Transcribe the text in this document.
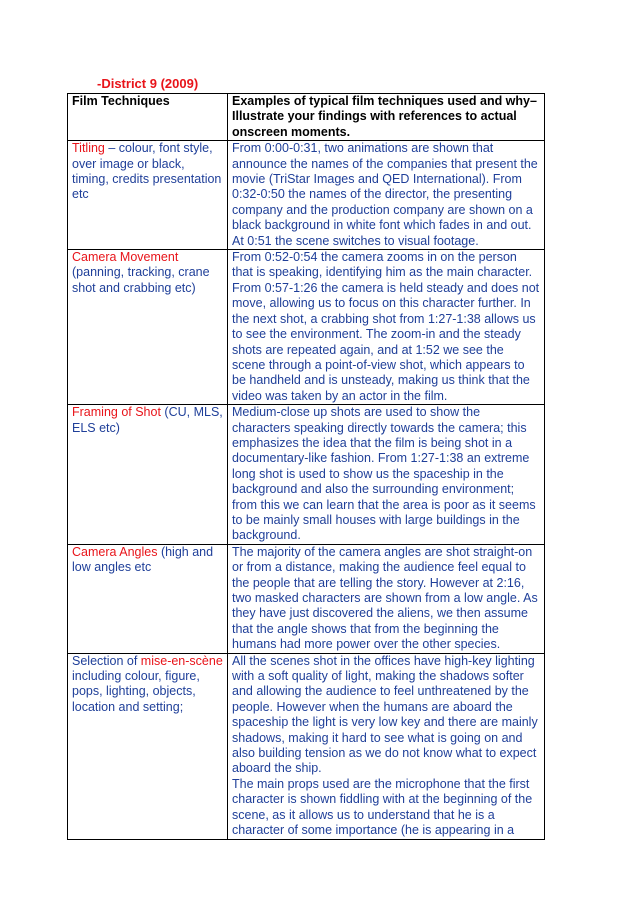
-District 9 (2009)
Film Techniques	Examples of typical film techniques used and why– Illustrate your findings with references to actual onscreen moments.
Titling – colour, font style, over image or black, timing, credits presentation etc	From 0:00-0:31, two animations are shown that announce the names of the companies that present the movie (TriStar Images and QED International). From 0:32-0:50 the names of the director, the presenting company and the production company are shown on a black background in white font which fades in and out. At 0:51 the scene switches to visual footage.

Camera Movement (panning, tracking, crane shot and crabbing etc)	From 0:52-0:54 the camera zooms in on the person that is speaking, identifying him as the main character. From 0:57-1:26 the camera is held steady and does not move, allowing us to focus on this character further. In the next shot, a crabbing shot from 1:27-1:38 allows us to see the environment. The zoom-in and the steady shots are repeated again, and at 1:52 we see the scene through a point-of-view shot, which appears to be handheld and is unsteady, making us think that the video was taken by an actor in the film.

Framing of Shot (CU, MLS, ELS etc)	Medium-close up shots are used to show the characters speaking directly towards the camera; this emphasizes the idea that the film is being shot in a documentary-like fashion. From 1:27-1:38 an extreme long shot is used to show us the spaceship in the background and also the surrounding environment; from this we can learn that the area is poor as it seems to be mainly small houses with large buildings in the background.

Camera Angles (high and low angles etc	The majority of the camera angles are shot straight-on or from a distance, making the audience feel equal to the people that are telling the story. However at 2:16, two masked characters are shown from a low angle. As they have just discovered the aliens, we then assume that the angle shows that from the beginning the humans had more power over the other species.

Selection of mise-en-scène including colour, figure, pops, lighting, objects, location and setting;	All the scenes shot in the offices have high-key lighting with a soft quality of light, making the shadows softer and allowing the audience to feel unthreatened by the people. However when the humans are aboard the spaceship the light is very low key and there are mainly shadows, making it hard to see what is going on and also building tension as we do not know what to expect aboard the ship.
The main props used are the microphone that the first character is shown fiddling with at the beginning of the scene, as it allows us to understand that he is a character of some importance (he is appearing in a
